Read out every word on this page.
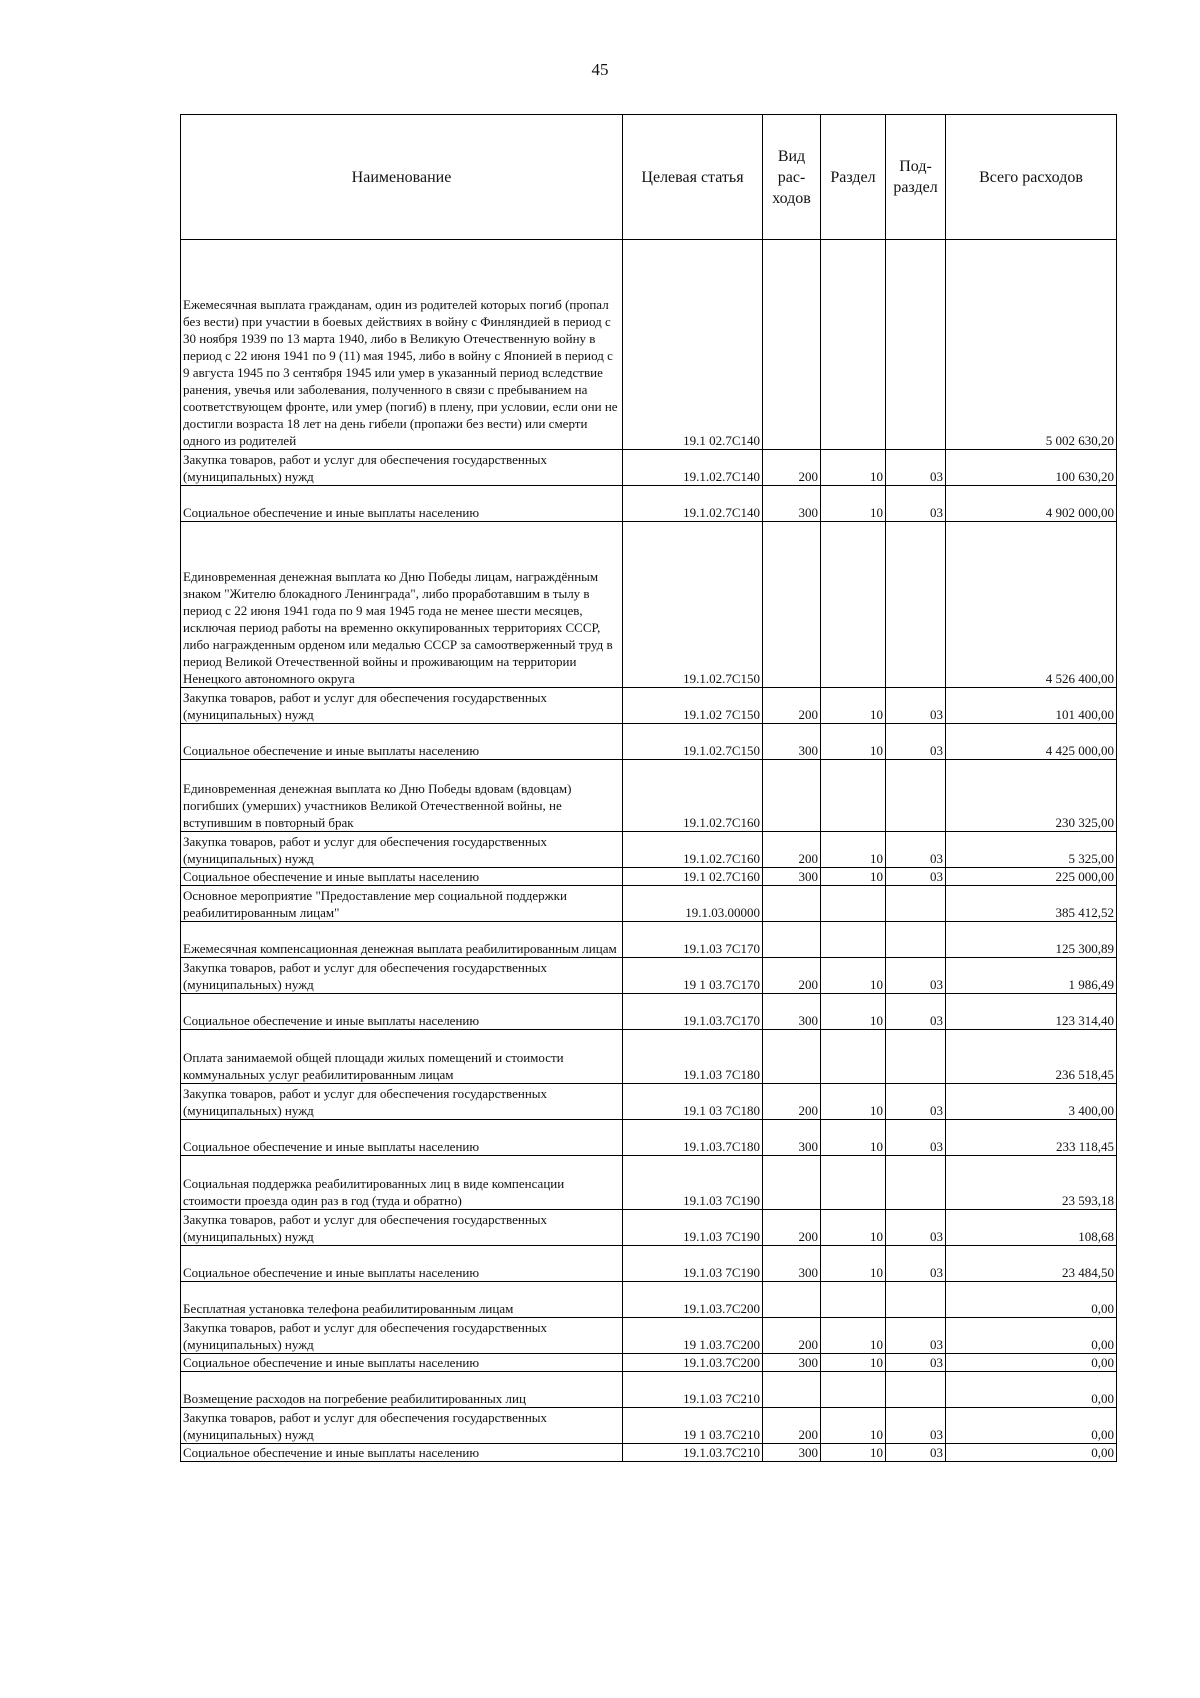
45
Наименование	Целевая статья	Вид рас-ходов	Раздел	Под-раздел	Всего расходов
Ежемесячная выплата гражданам, один из родителей которых погиб (пропал без вести) при участии в боевых действиях в войну с Финляндией в период с 30 ноября 1939 по 13 марта 1940, либо в Великую Отечественную войну в период с 22 июня 1941 по 9 (11) мая 1945, либо в войну с Японией в период с 9 августа 1945 по 3 сентября 1945 или умер в указанный период вследствие ранения, увечья или заболевания, полученного в связи с пребыванием на соответствующем фронте, или умер (погиб) в плену, при условии, если они не достигли возраста 18 лет на день гибели (пропажи без вести) или смерти одного из родителей	19.1 02.7С140				5 002 630,20
Закупка товаров, работ и услуг для обеспечения государственных (муниципальных) нужд	19.1.02.7С140	200	10	03	100 630,20
Социальное обеспечение и иные выплаты населению	19.1.02.7С140	300	10	03	4 902 000,00
Единовременная денежная выплата ко Дню Победы лицам, награждённым знаком "Жителю блокадного Ленинграда", либо проработавшим в тылу в период с 22 июня 1941 года по 9 мая 1945 года не менее шести месяцев, исключая период работы на временно оккупированных территориях СССР, либо награжденным орденом или медалью СССР за самоотверженный труд в период Великой Отечественной войны и проживающим на территории Ненецкого автономного округа	19.1.02.7С150				4 526 400,00
Закупка товаров, работ и услуг для обеспечения государственных (муниципальных) нужд	19.1.02 7С150	200	10	03	101 400,00
Социальное обеспечение и иные выплаты населению	19.1.02.7С150	300	10	03	4 425 000,00
Единовременная денежная выплата ко Дню Победы вдовам (вдовцам) погибших (умерших) участников Великой Отечественной войны, не вступившим в повторный брак	19.1.02.7С160				230 325,00
Закупка товаров, работ и услуг для обеспечения государственных (муниципальных) нужд	19.1.02.7С160	200	10	03	5 325,00
Социальное обеспечение и иные выплаты населению	19.1 02.7С160	300	10	03	225 000,00
Основное мероприятие "Предоставление мер социальной поддержки реабилитированным лицам"	19.1.03.00000				385 412,52
Ежемесячная компенсационная денежная выплата реабилитированным лицам	19.1.03 7С170				125 300,89
Закупка товаров, работ и услуг для обеспечения государственных (муниципальных) нужд	19 1 03.7С170	200	10	03	1 986,49
Социальное обеспечение и иные выплаты населению	19.1.03.7С170	300	10	03	123 314,40
Оплата занимаемой общей площади жилых помещений и стоимости коммунальных услуг реабилитированным лицам	19.1.03 7С180				236 518,45
Закупка товаров, работ и услуг для обеспечения государственных (муниципальных) нужд	19.1 03 7С180	200	10	03	3 400,00
Социальное обеспечение и иные выплаты населению	19.1.03.7С180	300	10	03	233 118,45
Социальная поддержка реабилитированных лиц в виде компенсации стоимости проезда один раз в год (туда и обратно)	19.1.03 7С190				23 593,18
Закупка товаров, работ и услуг для обеспечения государственных (муниципальных) нужд	19.1.03 7С190	200	10	03	108,68
Социальное обеспечение и иные выплаты населению	19.1.03 7С190	300	10	03	23 484,50
Бесплатная установка телефона реабилитированным лицам	19.1.03.7С200				0,00
Закупка товаров, работ и услуг для обеспечения государственных (муниципальных) нужд	19 1.03.7С200	200	10	03	0,00
Социальное обеспечение и иные выплаты населению	19.1.03.7С200	300	10	03	0,00
Возмещение расходов на погребение реабилитированных лиц	19.1.03 7С210				0,00
Закупка товаров, работ и услуг для обеспечения государственных (муниципальных) нужд	19 1 03.7С210	200	10	03	0,00
Социальное обеспечение и иные выплаты населению	19.1.03.7С210	300	10	03	0,00
